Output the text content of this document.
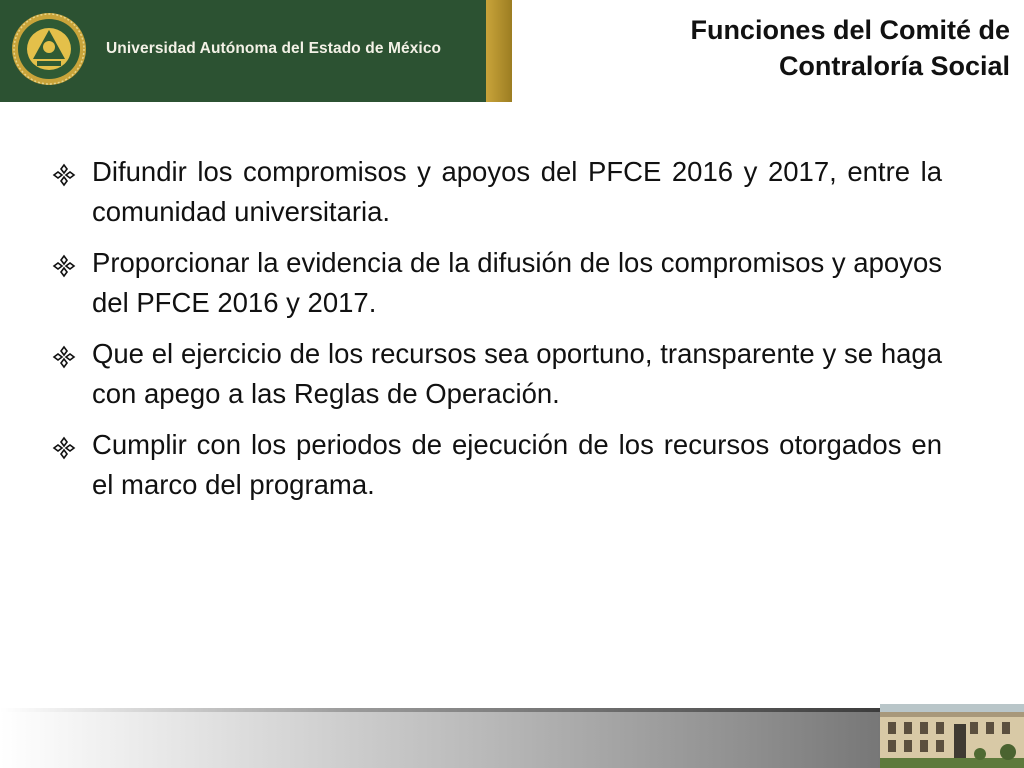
Universidad Autónoma del Estado de México
Funciones del Comité de
Contraloría Social
Difundir los compromisos y apoyos del PFCE 2016 y 2017, entre la comunidad universitaria.
Proporcionar la evidencia de la difusión de los compromisos y apoyos del PFCE 2016 y 2017.
Que el ejercicio de los recursos sea oportuno, transparente y se haga con apego a las Reglas de Operación.
Cumplir con los periodos de ejecución de los recursos otorgados en el marco del programa.
